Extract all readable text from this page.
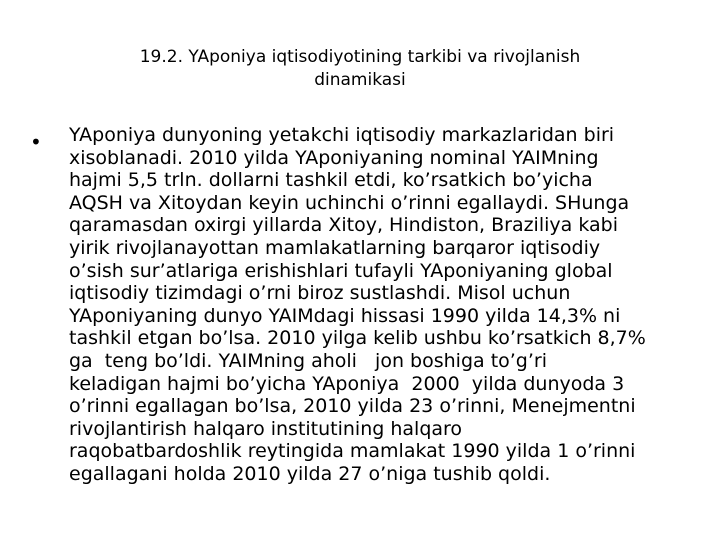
19.2. YAponiya iqtisodiyotining tarkibi va rivojlanish
dinamikasi
• YAponiya dunyoning yetakchi iqtisodiy markazlaridan biri
xisoblanadi. 2010 yilda YAponiyaning nominal YAIMning
hajmi 5,5 trln. dollarni tashkil etdi, ko’rsatkich bo’yicha
AQSH va Xitoydan keyin uchinchi o’rinni egallaydi. SHunga
qaramasdan oxirgi yillarda Xitoy, Hindiston, Braziliya kabi
yirik rivojlanayottan mamlakatlarning barqaror iqtisodiy
o’sish sur’atlariga erishishlari tufayli YAponiyaning global
iqtisodiy tizimdagi o’rni biroz sustlashdi. Misol uchun
YAponiyaning dunyo YAIMdagi hissasi 1990 yilda 14,3% ni
tashkil etgan bo’lsa. 2010 yilga kelib ushbu ko’rsatkich 8,7%
ga  teng bo’ldi. YAIMning aholi   jon boshiga to’g’ri
keladigan hajmi bo’yicha YAponiya  2000  yilda dunyoda 3
o’rinni egallagan bo’lsa, 2010 yilda 23 o’rinni, Menejmentni
rivojlantirish halqaro institutining halqaro
raqobatbardoshlik reytingida mamlakat 1990 yilda 1 o’rinni
egallagani holda 2010 yilda 27 o’niga tushib qoldi.
